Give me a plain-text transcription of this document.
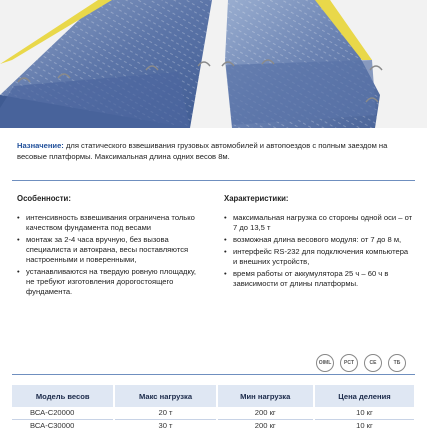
Назначение: для статического взвешивания грузовых автомобилей и автопоездов с полным заездом на весовые платформы. Максимальная длина одних весов 8м.
Особенности:
• интенсивность взвешивания ограничена только качеством фундамента под весами
• монтаж за 2-4 часа вручную, без вызова специалиста и автокрана, весы поставляются настроенными и поверенными,
• устанавливаются на твердую ровную площадку, не требуют изготовления дорогостоящего фундамента.
Характеристики:
• максимальная нагрузка со стороны одной оси – от 7 до 13,5 т
• возможная длина весового модуля: от 7 до 8 м,
• интерфейс RS-232 для подключения компьютера и внешних устройств,
• время работы от аккумулятора 25 ч – 60 ч в зависимости от длины платформы.
OIML	PCT	CE	ТБ
Модель весов	Макс нагрузка	Мин нагрузка	Цена деления
ВСА-С20000	20 т	200 кг	10 кг
ВСА-С30000	30 т	200 кг	10 кг
